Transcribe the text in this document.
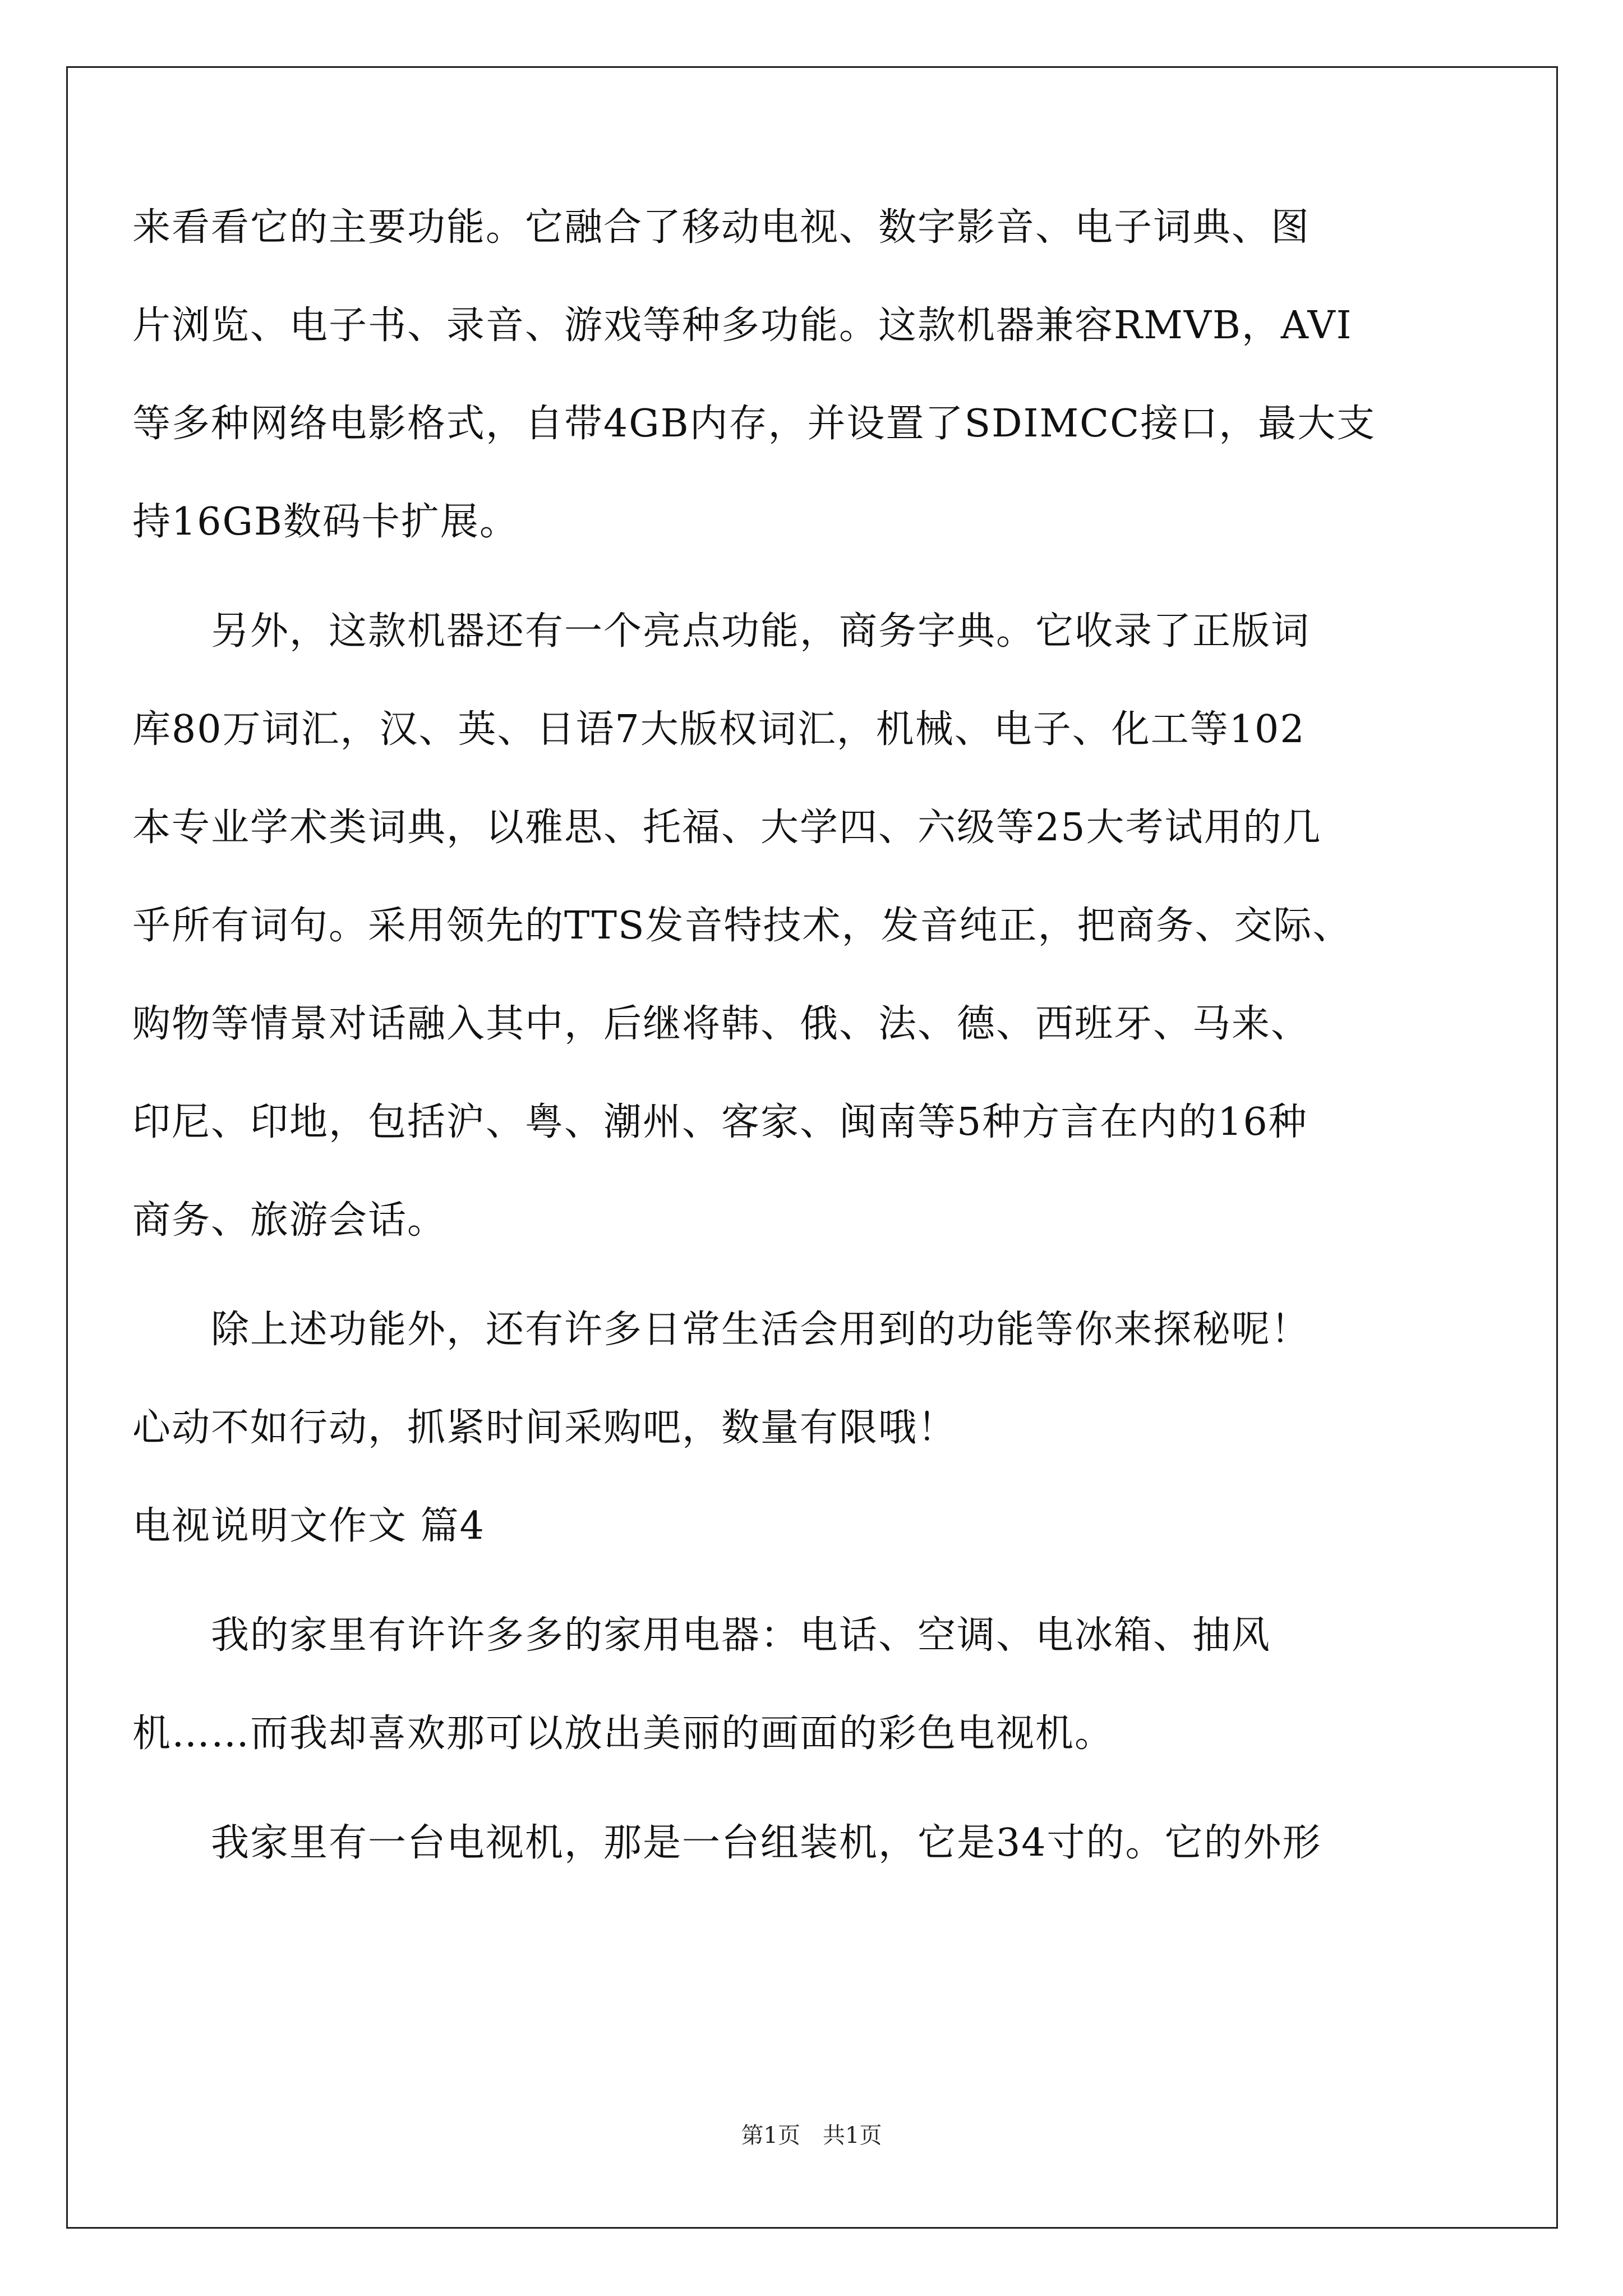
来看看它的主要功能。它融合了移动电视、数字影音、电子词典、图
片浏览、电子书、录音、游戏等种多功能。这款机器兼容RMVB，AVI
等多种网络电影格式，自带4GB内存，并设置了SDIMCC接口，最大支
持16GB数码卡扩展。
另外，这款机器还有一个亮点功能，商务字典。它收录了正版词
库80万词汇，汉、英、日语7大版权词汇，机械、电子、化工等102
本专业学术类词典，以雅思、托福、大学四、六级等25大考试用的几
乎所有词句。采用领先的TTS发音特技术，发音纯正，把商务、交际、
购物等情景对话融入其中，后继将韩、俄、法、德、西班牙、马来、
印尼、印地，包括沪、粤、潮州、客家、闽南等5种方言在内的16种
商务、旅游会话。
除上述功能外，还有许多日常生活会用到的功能等你来探秘呢！
心动不如行动，抓紧时间采购吧，数量有限哦！
电视说明文作文 篇4
我的家里有许许多多的家用电器：电话、空调、电冰箱、抽风
机……而我却喜欢那可以放出美丽的画面的彩色电视机。
我家里有一台电视机，那是一台组装机，它是34寸的。它的外形
第1页　共1页
